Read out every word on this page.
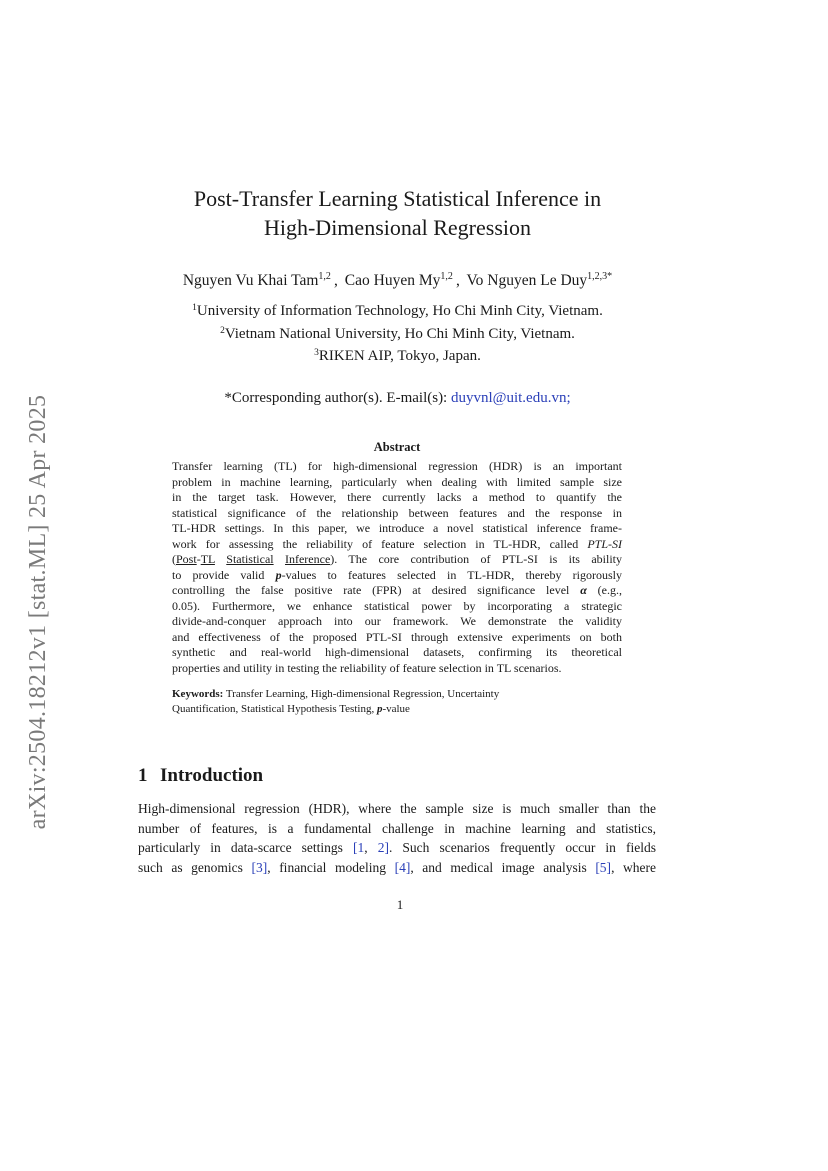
arXiv:2504.18212v1 [stat.ML] 25 Apr 2025
Post-Transfer Learning Statistical Inference in
High-Dimensional Regression
Nguyen Vu Khai Tam$^{1,2}$ , Cao Huyen My$^{1,2}$ , Vo Nguyen Le Duy$^{1,2,3*}$
$^1$University of Information Technology, Ho Chi Minh City, Vietnam.
$^2$Vietnam National University, Ho Chi Minh City, Vietnam.
$^3$RIKEN AIP, Tokyo, Japan.
*Corresponding author(s). E-mail(s): duyvnl@uit.edu.vn;
Abstract
Transfer learning (TL) for high-dimensional regression (HDR) is an important
problem in machine learning, particularly when dealing with limited sample size
in the target task. However, there currently lacks a method to quantify the
statistical significance of the relationship between features and the response in
TL-HDR settings. In this paper, we introduce a novel statistical inference frame-
work for assessing the reliability of feature selection in TL-HDR, called PTL-SI
(Post-TL Statistical Inference). The core contribution of PTL-SI is its ability
to provide valid p-values to features selected in TL-HDR, thereby rigorously
controlling the false positive rate (FPR) at desired significance level α (e.g.,
0.05). Furthermore, we enhance statistical power by incorporating a strategic
divide-and-conquer approach into our framework. We demonstrate the validity
and effectiveness of the proposed PTL-SI through extensive experiments on both
synthetic and real-world high-dimensional datasets, confirming its theoretical
properties and utility in testing the reliability of feature selection in TL scenarios.
Keywords: Transfer Learning, High-dimensional Regression, Uncertainty
Quantification, Statistical Hypothesis Testing, p-value
1 Introduction
High-dimensional regression (HDR), where the sample size is much smaller than the
number of features, is a fundamental challenge in machine learning and statistics,
particularly in data-scarce settings [1, 2]. Such scenarios frequently occur in fields
such as genomics [3], financial modeling [4], and medical image analysis [5], where
1
